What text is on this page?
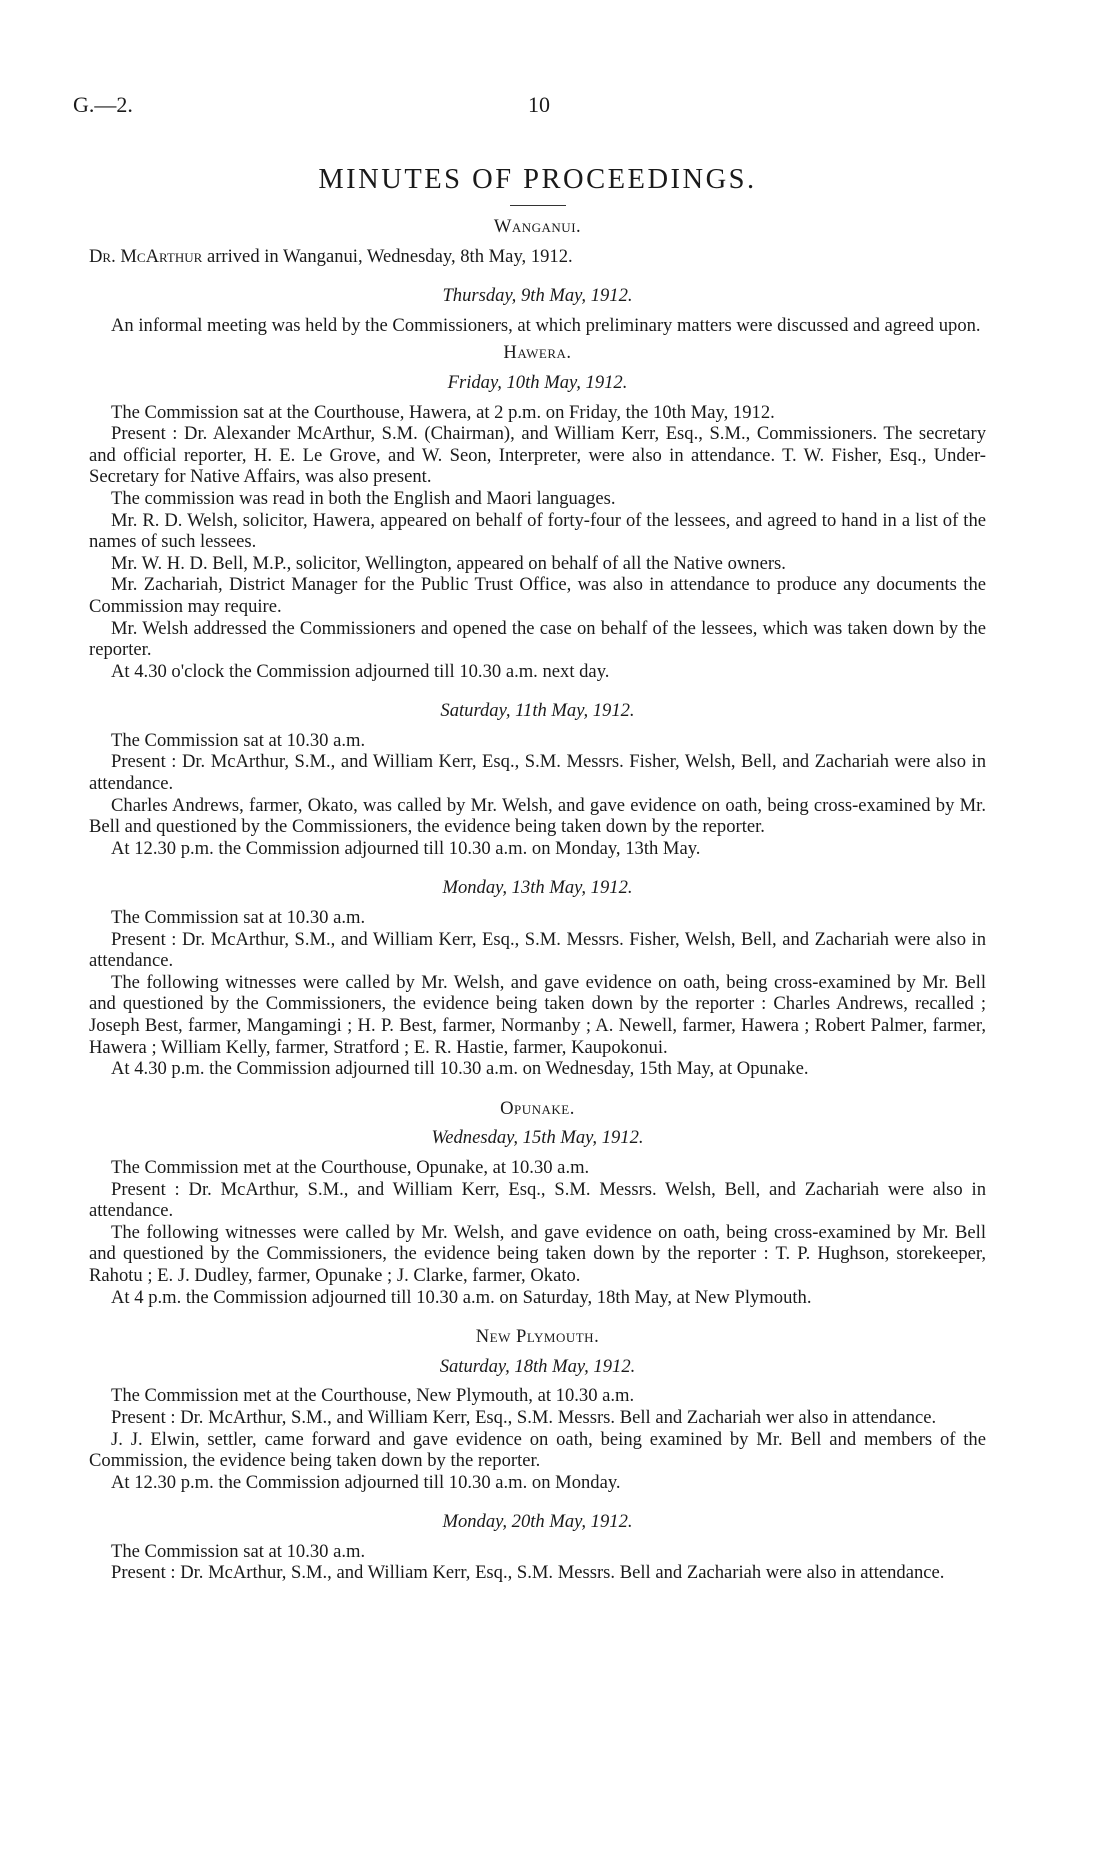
G.—2.	10
MINUTES OF PROCEEDINGS.
Wanganui.

Dr. McArthur arrived in Wanganui, Wednesday, 8th May, 1912.

Thursday, 9th May, 1912.

An informal meeting was held by the Commissioners, at which preliminary matters were discussed and agreed upon.

Hawera.
Friday, 10th May, 1912.

The Commission sat at the Courthouse, Hawera, at 2 p.m. on Friday, the 10th May, 1912.

Present : Dr. Alexander McArthur, S.M. (Chairman), and William Kerr, Esq., S.M., Commissioners. The secretary and official reporter, H. E. Le Grove, and W. Seon, Interpreter, were also in attendance. T. W. Fisher, Esq., Under-Secretary for Native Affairs, was also present.

The commission was read in both the English and Maori languages.

Mr. R. D. Welsh, solicitor, Hawera, appeared on behalf of forty-four of the lessees, and agreed to hand in a list of the names of such lessees.

Mr. W. H. D. Bell, M.P., solicitor, Wellington, appeared on behalf of all the Native owners.

Mr. Zachariah, District Manager for the Public Trust Office, was also in attendance to produce any documents the Commission may require.

Mr. Welsh addressed the Commissioners and opened the case on behalf of the lessees, which was taken down by the reporter.

At 4.30 o'clock the Commission adjourned till 10.30 a.m. next day.

Saturday, 11th May, 1912.

The Commission sat at 10.30 a.m.

Present : Dr. McArthur, S.M., and William Kerr, Esq., S.M. Messrs. Fisher, Welsh, Bell, and Zachariah were also in attendance.

Charles Andrews, farmer, Okato, was called by Mr. Welsh, and gave evidence on oath, being cross-examined by Mr. Bell and questioned by the Commissioners, the evidence being taken down by the reporter.

At 12.30 p.m. the Commission adjourned till 10.30 a.m. on Monday, 13th May.

Monday, 13th May, 1912.

The Commission sat at 10.30 a.m.

Present : Dr. McArthur, S.M., and William Kerr, Esq., S.M. Messrs. Fisher, Welsh, Bell, and Zachariah were also in attendance.

The following witnesses were called by Mr. Welsh, and gave evidence on oath, being cross-examined by Mr. Bell and questioned by the Commissioners, the evidence being taken down by the reporter : Charles Andrews, recalled ; Joseph Best, farmer, Mangamingi ; H. P. Best, farmer, Normanby ; A. Newell, farmer, Hawera ; Robert Palmer, farmer, Hawera ; William Kelly, farmer, Stratford ; E. R. Hastie, farmer, Kaupokonui.

At 4.30 p.m. the Commission adjourned till 10.30 a.m. on Wednesday, 15th May, at Opunake.

Opunake.
Wednesday, 15th May, 1912.

The Commission met at the Courthouse, Opunake, at 10.30 a.m.

Present : Dr. McArthur, S.M., and William Kerr, Esq., S.M. Messrs. Welsh, Bell, and Zachariah were also in attendance.

The following witnesses were called by Mr. Welsh, and gave evidence on oath, being cross-examined by Mr. Bell and questioned by the Commissioners, the evidence being taken down by the reporter : T. P. Hughson, storekeeper, Rahotu ; E. J. Dudley, farmer, Opunake ; J. Clarke, farmer, Okato.

At 4 p.m. the Commission adjourned till 10.30 a.m. on Saturday, 18th May, at New Plymouth.

New Plymouth.
Saturday, 18th May, 1912.

The Commission met at the Courthouse, New Plymouth, at 10.30 a.m.

Present : Dr. McArthur, S.M., and William Kerr, Esq., S.M. Messrs. Bell and Zachariah wer also in attendance.

J. J. Elwin, settler, came forward and gave evidence on oath, being examined by Mr. Bell and members of the Commission, the evidence being taken down by the reporter.

At 12.30 p.m. the Commission adjourned till 10.30 a.m. on Monday.

Monday, 20th May, 1912.

The Commission sat at 10.30 a.m.

Present : Dr. McArthur, S.M., and William Kerr, Esq., S.M. Messrs. Bell and Zachariah were also in attendance.
